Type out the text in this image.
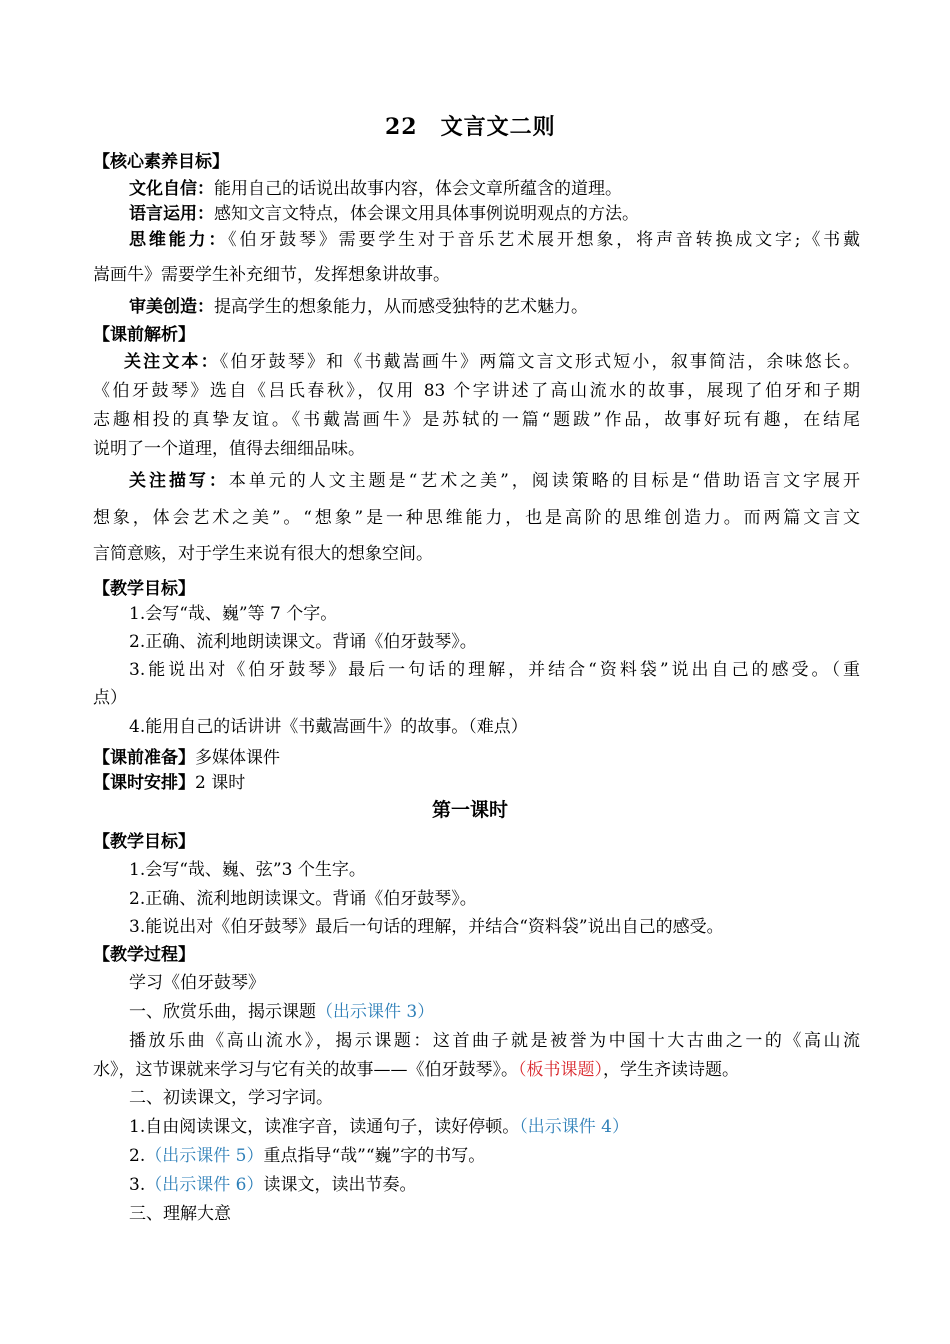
22　文言文二则
【核心素养目标】
文化自信：能用自己的话说出故事内容，体会文章所蕴含的道理。
语言运用：感知文言文特点，体会课文用具体事例说明观点的方法。
思维能力：《伯牙鼓琴》需要学生对于音乐艺术展开想象，将声音转换成文字;《书戴
嵩画牛》需要学生补充细节，发挥想象讲故事。
审美创造：提高学生的想象能力，从而感受独特的艺术魅力。
【课前解析】
关注文本：《伯牙鼓琴》和《书戴嵩画牛》两篇文言文形式短小，叙事简洁，余味悠长。
《伯牙鼓琴》选自《吕氏春秋》，仅用 83 个字讲述了高山流水的故事，展现了伯牙和子期
志趣相投的真挚友谊。《书戴嵩画牛》是苏轼的一篇“题跋”作品，故事好玩有趣，在结尾
说明了一个道理，值得去细细品味。
关注描写：本单元的人文主题是“艺术之美”，阅读策略的目标是“借助语言文字展开
想象，体会艺术之美”。“想象”是一种思维能力，也是高阶的思维创造力。而两篇文言文
言简意赅，对于学生来说有很大的想象空间。
【教学目标】
1.会写“哉、巍”等 7 个字。
2.正确、流利地朗读课文。背诵《伯牙鼓琴》。
3.能说出对《伯牙鼓琴》最后一句话的理解，并结合“资料袋”说出自己的感受。（重
点）
4.能用自己的话讲讲《书戴嵩画牛》的故事。（难点）
【课前准备】多媒体课件
【课时安排】2 课时
第一课时
【教学目标】
1.会写“哉、巍、弦”3 个生字。
2.正确、流利地朗读课文。背诵《伯牙鼓琴》。
3.能说出对《伯牙鼓琴》最后一句话的理解，并结合“资料袋”说出自己的感受。
【教学过程】
学习《伯牙鼓琴》
一、欣赏乐曲，揭示课题（出示课件 3）
播放乐曲《高山流水》，揭示课题：这首曲子就是被誉为中国十大古曲之一的《高山流
水》，这节课就来学习与它有关的故事——《伯牙鼓琴》。（板书课题），学生齐读诗题。
二、初读课文，学习字词。
1.自由阅读课文，读准字音，读通句子，读好停顿。（出示课件 4）
2.（出示课件 5）重点指导“哉”“巍”字的书写。
3.（出示课件 6）读课文，读出节奏。
三、理解大意
